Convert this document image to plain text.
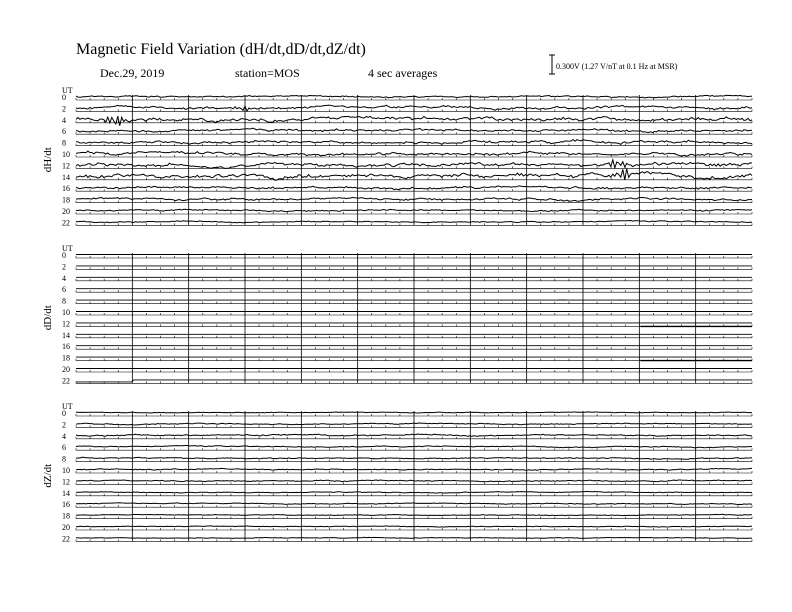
Magnetic Field Variation (dH/dt,dD/dt,dZ/dt)
Dec.29, 2019	station=MOS	4 sec averages	0.300V (1.27 V/nT at 0.1 Hz at MSR)
UT
dH/dt
0
2
4
6
8
10
12
14
16
18
20
22
UT
dD/dt
0
2
4
6
8
10
12
14
16
18
20
22
UT
dZ/dt
0
2
4
6
8
10
12
14
16
18
20
22
